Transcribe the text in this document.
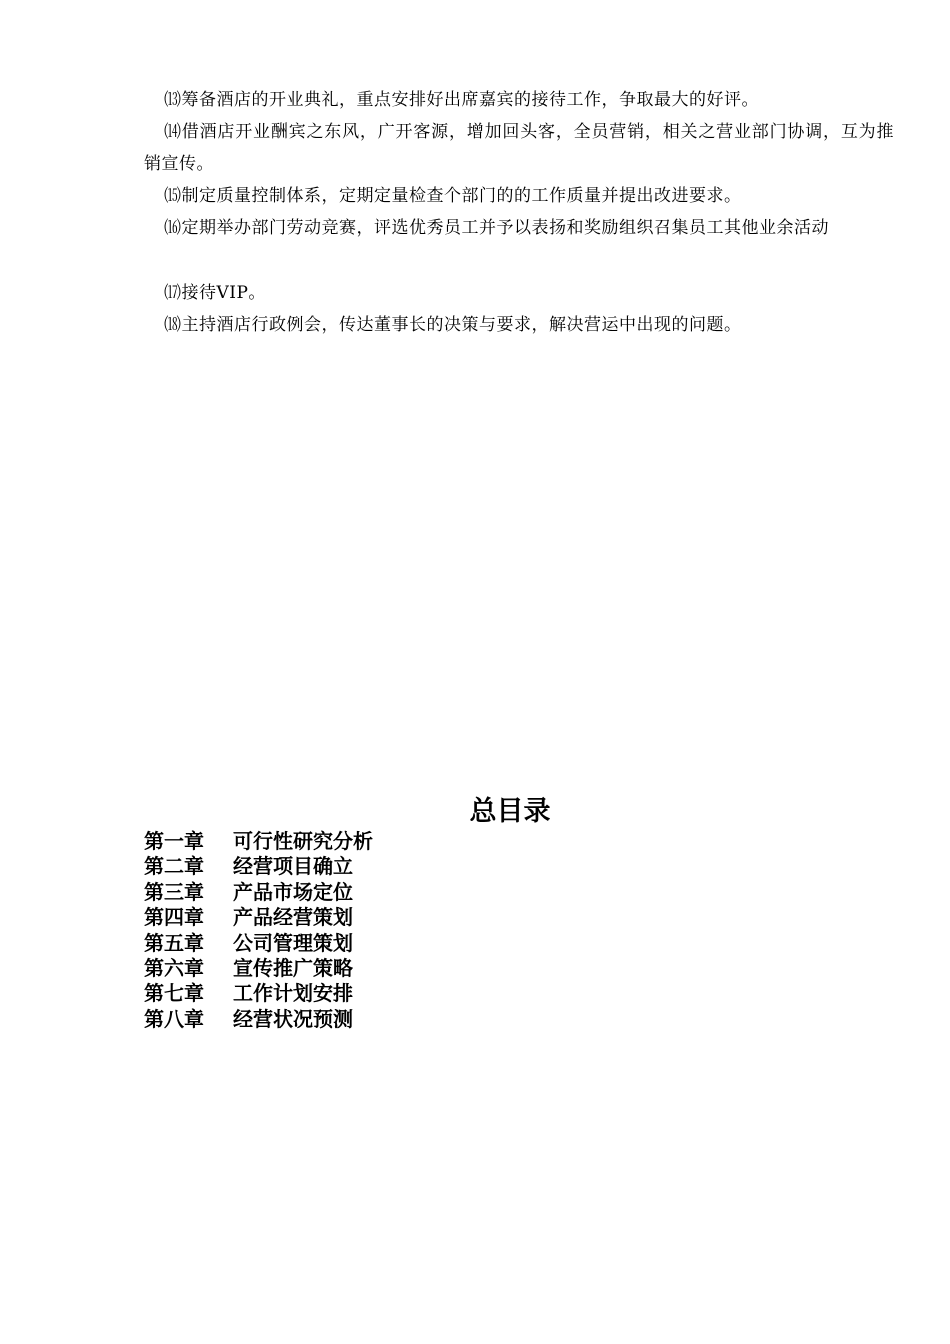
⒀筹备酒店的开业典礼，重点安排好出席嘉宾的接待工作，争取最大的好评。

⒁借酒店开业酬宾之东风，广开客源，增加回头客，全员营销，相关之营业部门协调，互为推销宣传。

⒂制定质量控制体系，定期定量检查个部门的的工作质量并提出改进要求。

⒃定期举办部门劳动竞赛，评选优秀员工并予以表扬和奖励组织召集员工其他业余活动

⒄接待VIP。

⒅主持酒店行政例会，传达董事长的决策与要求，解决营运中出现的问题。

总目录
第一章 可行性研究分析
第二章 经营项目确立
第三章 产品市场定位
第四章 产品经营策划
第五章 公司管理策划
第六章 宣传推广策略
第七章 工作计划安排
第八章 经营状况预测
